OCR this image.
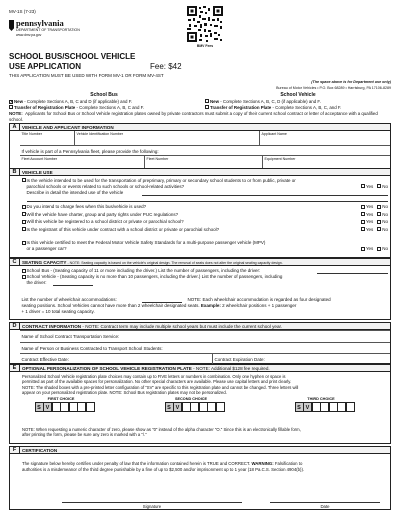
MV-1S (7-23)
pennsylvania
DEPARTMENT OF TRANSPORTATION
www.dmv.pa.gov
BMV Fees
(The space above is for Department use only)
Bureau of Motor Vehicles • P.O. Box 68289 • Harrisburg, PA 17106-8289
SCHOOL BUS/SCHOOL VEHICLE
USE APPLICATION	Fee: $42
THIS APPLICATION MUST BE USED WITH FORM MV-1 OR FORM MV-4ST
School Bus	School Vehicle
✕New - Complete Sections A, B, C and D (if applicable) and F.
Transfer of Registration Plate - Complete Sections A, B, C and F.
New - Complete Sections A, B, C, D (if applicable) and F.
Transfer of Registration Plate - Complete Sections A, B, C, and F.
NOTE: Applicants for School Bus or School Vehicle registration plates owned by private contractors must submit a copy of their current school contract or letter of acceptance with a qualified school.
A	VEHICLE AND APPLICANT INFORMATION
Title Number	Vehicle Identification Number	Applicant Name
If vehicle is part of a Pennsylvania fleet, please provide the following:
Fleet Account Number	Fleet Number	Equipment Number
B	VEHICLE USE
Is the vehicle intended to be used for the transportation of preprimary, primary or secondary school students to or from public, private or
parochial schools or events related to such schools or school-related activities?	Yes No
Describe in detail the intended use of the vehicle
Do you intend to charge fees when this bus/vehicle is used?	Yes No
Will the vehicle have charter, group and party rights under PUC regulations?	Yes No
Will this vehicle be registered to a school district or private or parochial school?	Yes No
Is the registrant of this vehicle under contract with a school district or private or parochial school?	Yes No
Is this vehicle certified to meet the Federal Motor Vehicle Safety Standards for a multi-purpose passenger vehicle (MPV)
or a passenger car?	Yes No
C	SEATING CAPACITY - NOTE: Seating capacity is based on the vehicle's original design. The removal of seats does not alter the original seating capacity design.
School Bus - (Seating capacity of 11 or more including the driver.) List the number of passengers, including the driver:
School Vehicle - (Seating capacity is no more than 10 passengers, including the driver.) List the number of passengers, including
the driver:
List the number of wheelchair accommodations:	NOTE: Each wheelchair accommodation is regarded as four designated
seating positions. School Vehicles cannot have more than 2 wheelchair designated seats. Example: 2 wheelchair positions + 1 passenger
+ 1 driver = 10 total seating capacity.
D	CONTRACT INFORMATION - NOTE: Contract term may include multiple school years but must include the current school year.
Name of School Contract Transportation Service:
Name of Person or Business Contracted to Transport School Students:
Contract Effective Date:	Contract Expiration Date:
E	OPTIONAL PERSONALIZATION OF SCHOOL VEHICLE REGISTRATION PLATE - NOTE: Additional $128 fee required.
Personalized School Vehicle registration plate choices may contain up to FIVE letters or numbers in combination. Only one hyphen or space is
permitted as part of the available spaces for personalization. No other special characters are available. Please use capital letters and print clearly.
NOTE: The shaded boxes with a pre-printed letter configuration of "SV" are specific to this registration plate and cannot be changed. Three letters will
appear on your personalized registration plate. NOTE: School Bus registration plates may not be personalized.
FIRST CHOICE	SECOND CHOICE	THIRD CHOICE
S V	S V	S V
NOTE: When requesting a numeric character of zero, please show as "0" instead of the alpha character "O." Since this is an electronically fillable form,
after printing the form, please be sure any zero is marked with a "/."
F	CERTIFICATION
The signature below hereby certifies under penalty of law that the information contained herein is TRUE and CORRECT. WARNING: Falsification to
authorities is a misdemeanor of the third degree punishable by a fine of up to $2,500 and/or imprisonment up to 1 year (18 Pa.C.S. Section 4904(b)).
Signature	Date
